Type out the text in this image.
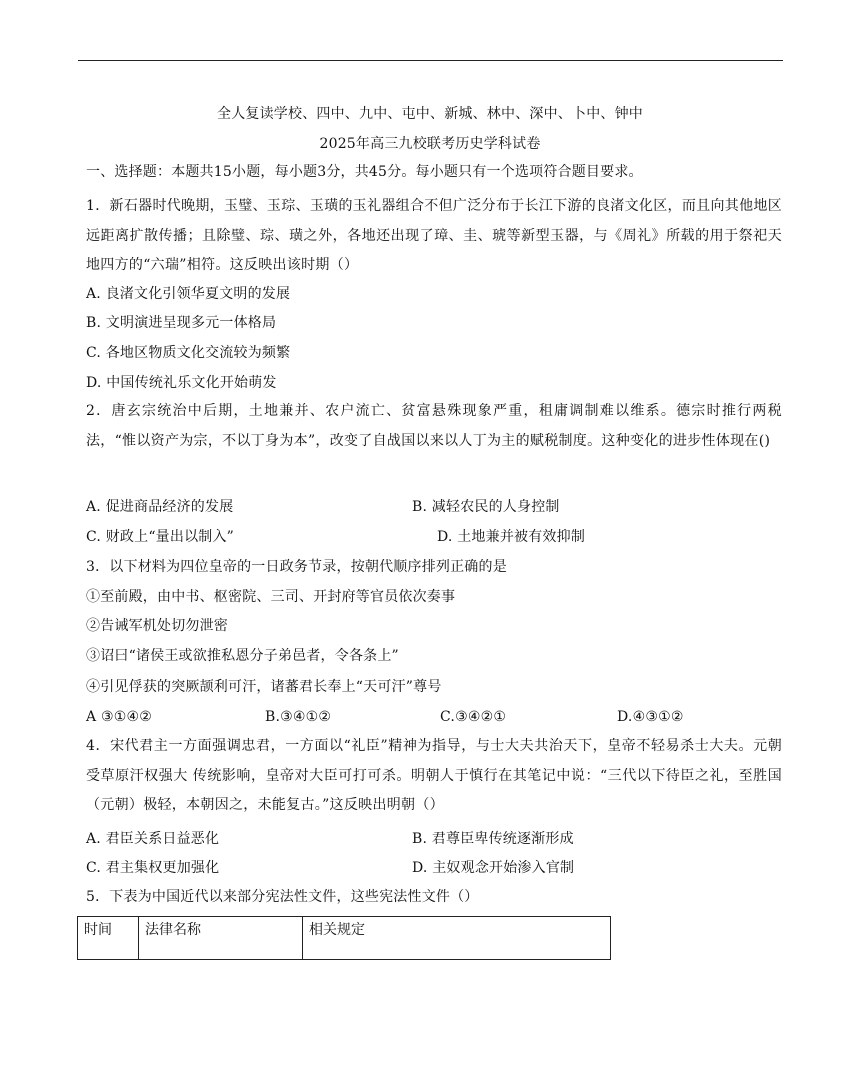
全人复读学校、四中、九中、屯中、新城、林中、深中、卜中、钟中
2025年高三九校联考历史学科试卷
一、选择题：本题共15小题，每小题3分，共45分。每小题只有一个选项符合题目要求。
1．新石器时代晚期，玉璧、玉琮、玉璜的玉礼器组合不但广泛分布于长江下游的良渚文化区，而且向其他地区远距离扩散传播；且除璧、琮、璜之外，各地还出现了璋、圭、琥等新型玉器，与《周礼》所载的用于祭祀天地四方的“六瑞”相符。这反映出该时期（）
A. 良渚文化引领华夏文明的发展
B. 文明演进呈现多元一体格局
C. 各地区物质文化交流较为频繁
D. 中国传统礼乐文化开始萌发
2．唐玄宗统治中后期，土地兼并、农户流亡、贫富悬殊现象严重，租庸调制难以维系。德宗时推行两税法，“惟以资产为宗，不以丁身为本”，改变了自战国以来以人丁为主的赋税制度。这种变化的进步性体现在()
A. 促进商品经济的发展	B. 减轻农民的人身控制
C. 财政上“量出以制入”	D. 土地兼并被有效抑制
3．以下材料为四位皇帝的一日政务节录，按朝代顺序排列正确的是
①至前殿，由中书、枢密院、三司、开封府等官员依次奏事
②告诫军机处切勿泄密
③诏曰“诸侯王或欲推私恩分子弟邑者，令各条上”
④引见俘获的突厥颉利可汗，诸蕃君长奉上“天可汗”尊号
A ③①④②	B.③④①②	C.③④②①	D.④③①②
4．宋代君主一方面强调忠君，一方面以“礼臣”精神为指导，与士大夫共治天下，皇帝不轻易杀士大夫。元朝受草原汗权强大 传统影响，皇帝对大臣可打可杀。明朝人于慎行在其笔记中说：“三代以下待臣之礼，至胜国（元朝）极轻，本朝因之，未能复古。”这反映出明朝（）
A. 君臣关系日益恶化	B. 君尊臣卑传统逐渐形成
C. 君主集权更加强化	D. 主奴观念开始渗入官制
5．下表为中国近代以来部分宪法性文件，这些宪法性文件（）
时间	法律名称	相关规定
